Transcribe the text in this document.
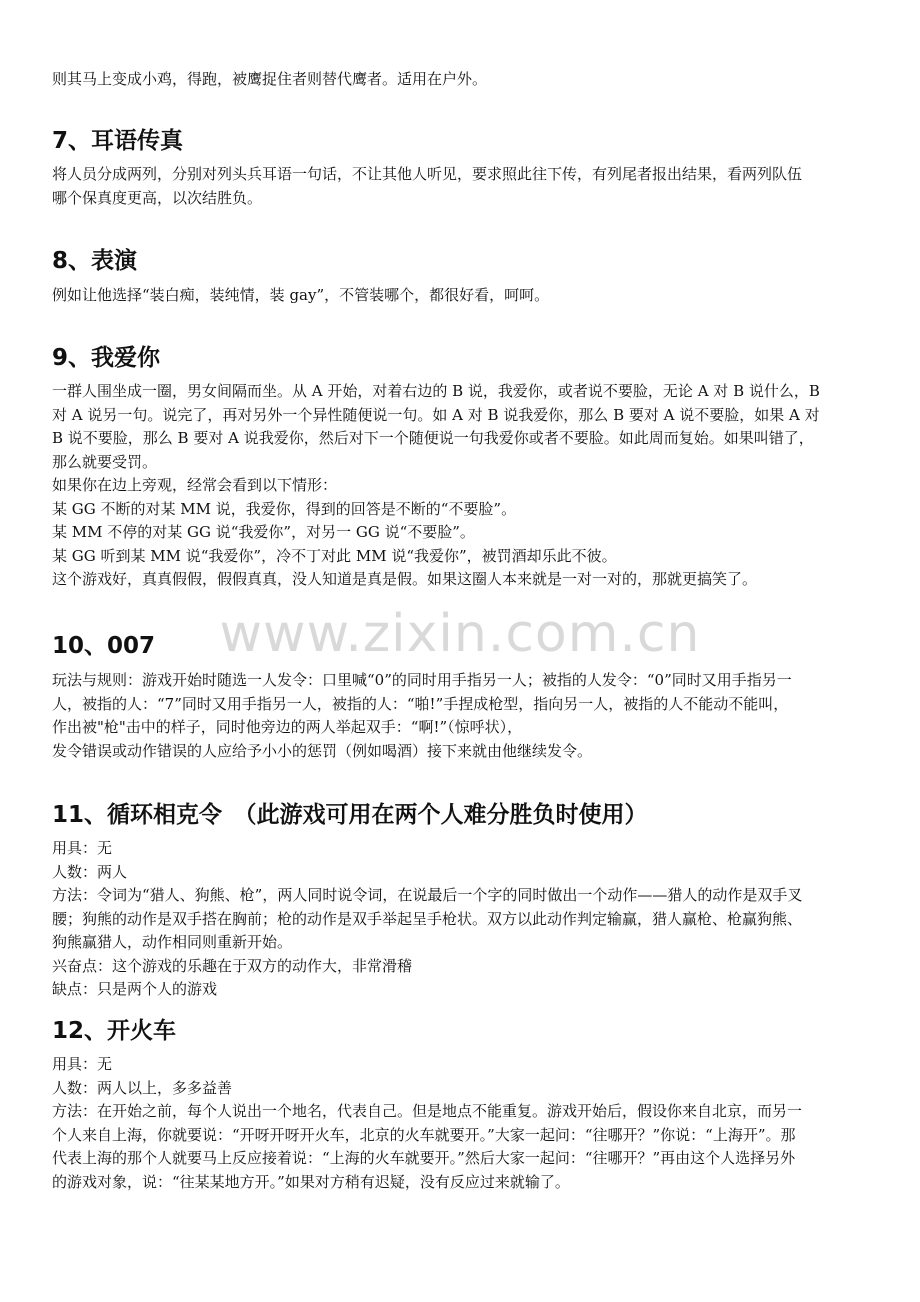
则其马上变成小鸡，得跑，被鹰捉住者则替代鹰者。适用在户外。

7、耳语传真

将人员分成两列，分别对列头兵耳语一句话，不让其他人听见，要求照此往下传，有列尾者报出结果，看两列队伍

哪个保真度更高，以次结胜负。

8、表演

例如让他选择“装白痴，装纯情，装 gay”，不管装哪个，都很好看，呵呵。

9、我爱你

一群人围坐成一圈，男女间隔而坐。从 A 开始，对着右边的 B 说，我爱你，或者说不要脸，无论 A 对 B 说什么，B

对 A 说另一句。说完了，再对另外一个异性随便说一句。如 A 对 B 说我爱你，那么 B 要对 A 说不要脸，如果 A 对

B 说不要脸，那么 B 要对 A 说我爱你，然后对下一个随便说一句我爱你或者不要脸。如此周而复始。如果叫错了，

那么就要受罚。

如果你在边上旁观，经常会看到以下情形：

某 GG 不断的对某 MM 说，我爱你，得到的回答是不断的“不要脸”。

某 MM 不停的对某 GG 说“我爱你”，对另一 GG 说“不要脸”。

某 GG 听到某 MM 说“我爱你”，冷不丁对此 MM 说“我爱你”，被罚酒却乐此不彼。

这个游戏好，真真假假，假假真真，没人知道是真是假。如果这圈人本来就是一对一对的，那就更搞笑了。

10、007

玩法与规则：游戏开始时随选一人发令：口里喊“0”的同时用手指另一人；被指的人发令：“0”同时又用手指另一

人，被指的人：“7”同时又用手指另一人，被指的人：“啪!”手捏成枪型，指向另一人，被指的人不能动不能叫，

作出被"枪"击中的样子，同时他旁边的两人举起双手：“啊!”（惊呼状），

发令错误或动作错误的人应给予小小的惩罚（例如喝酒）接下来就由他继续发令。

11、循环相克令　（此游戏可用在两个人难分胜负时使用）

用具：无

人数：两人

方法：令词为“猎人、狗熊、枪”，两人同时说令词，在说最后一个字的同时做出一个动作——猎人的动作是双手叉

腰；狗熊的动作是双手搭在胸前；枪的动作是双手举起呈手枪状。双方以此动作判定输赢，猎人赢枪、枪赢狗熊、

狗熊赢猎人，动作相同则重新开始。

兴奋点：这个游戏的乐趣在于双方的动作大，非常滑稽

缺点：只是两个人的游戏

12、开火车

用具：无

人数：两人以上，多多益善

方法：在开始之前，每个人说出一个地名，代表自己。但是地点不能重复。游戏开始后，假设你来自北京，而另一

个人来自上海，你就要说：“开呀开呀开火车，北京的火车就要开。”大家一起问：“往哪开？”你说：“上海开”。那

代表上海的那个人就要马上反应接着说：“上海的火车就要开。”然后大家一起问：“往哪开？”再由这个人选择另外

的游戏对象，说：“往某某地方开。”如果对方稍有迟疑，没有反应过来就输了。

www.zixin.com.cn
